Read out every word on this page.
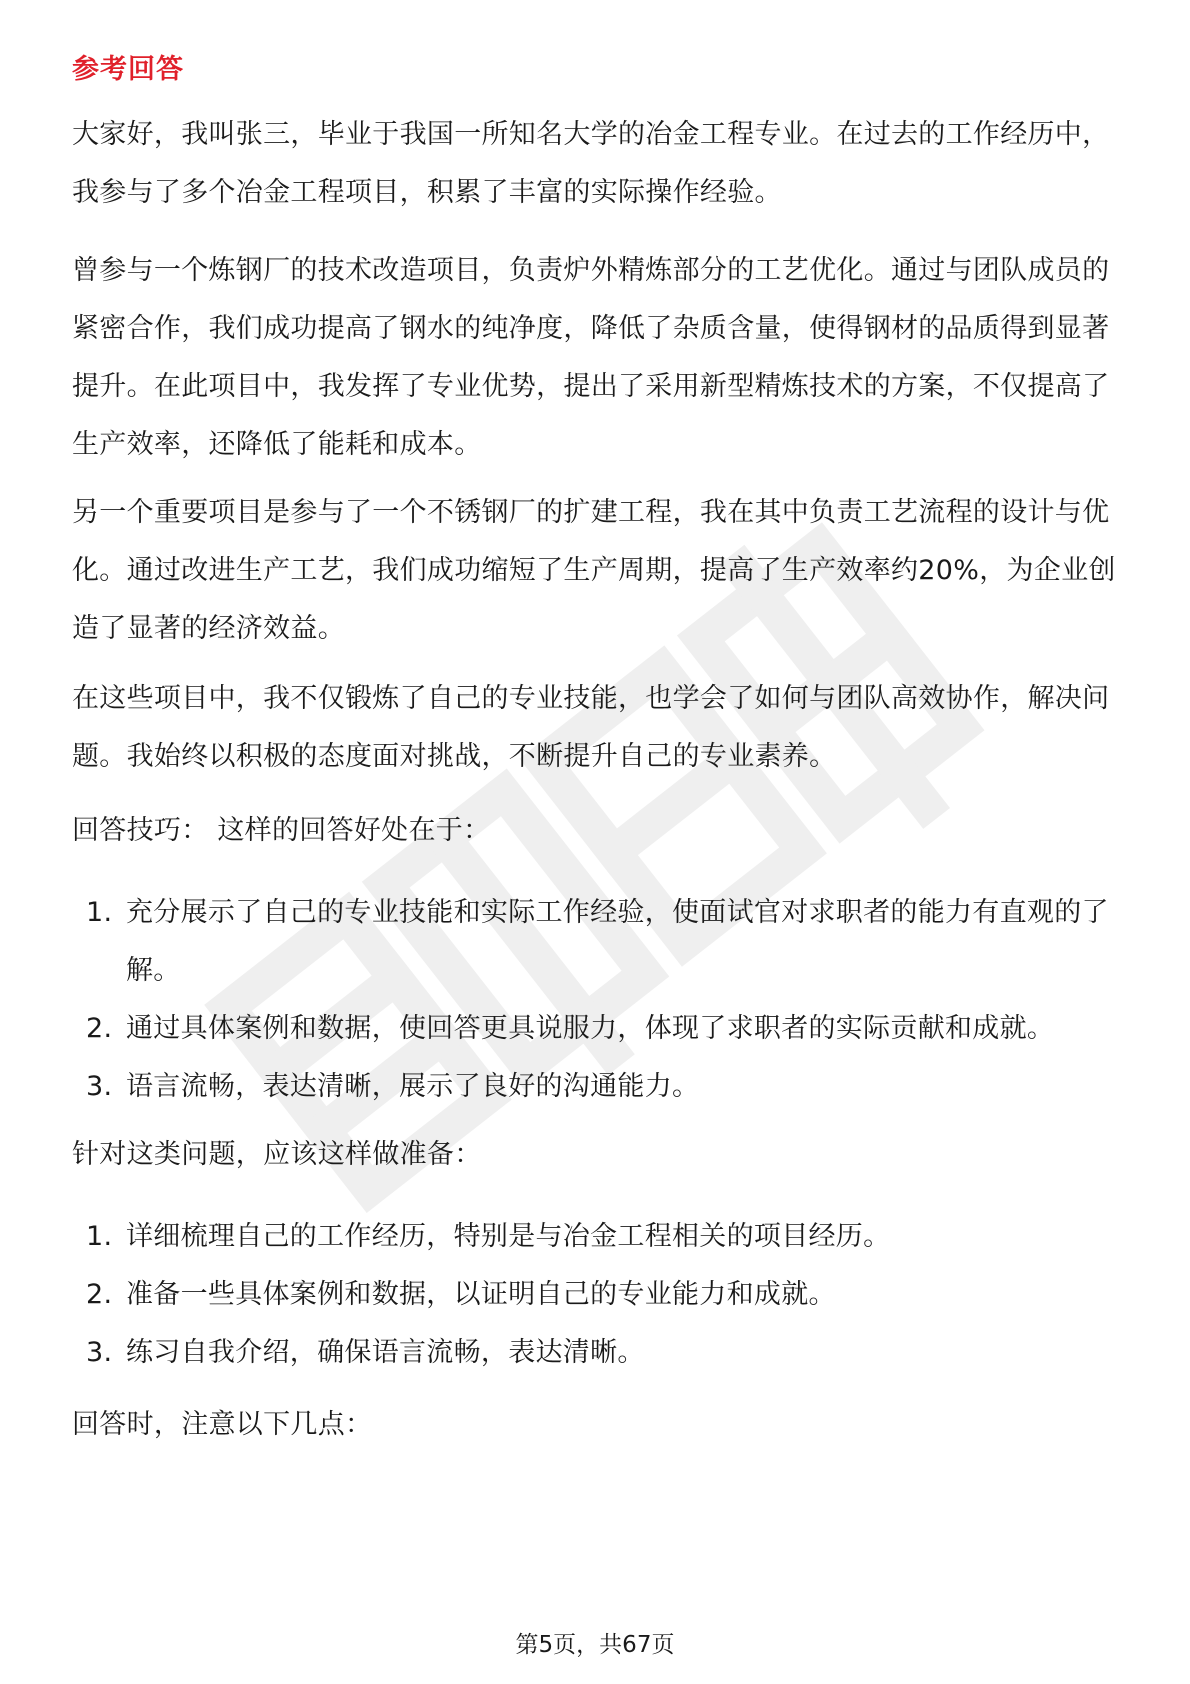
参考回答

大家好，我叫张三，毕业于我国一所知名大学的冶金工程专业。在过去的工作经历中，我参与了多个冶金工程项目，积累了丰富的实际操作经验。

曾参与一个炼钢厂的技术改造项目，负责炉外精炼部分的工艺优化。通过与团队成员的紧密合作，我们成功提高了钢水的纯净度，降低了杂质含量，使得钢材的品质得到显著提升。在此项目中，我发挥了专业优势，提出了采用新型精炼技术的方案，不仅提高了生产效率，还降低了能耗和成本。

另一个重要项目是参与了一个不锈钢厂的扩建工程，我在其中负责工艺流程的设计与优化。通过改进生产工艺，我们成功缩短了生产周期，提高了生产效率约20%，为企业创造了显著的经济效益。

在这些项目中，我不仅锻炼了自己的专业技能，也学会了如何与团队高效协作，解决问题。我始终以积极的态度面对挑战，不断提升自己的专业素养。

回答技巧： 这样的回答好处在于：

1. 充分展示了自己的专业技能和实际工作经验，使面试官对求职者的能力有直观的了解。
2. 通过具体案例和数据，使回答更具说服力，体现了求职者的实际贡献和成就。
3. 语言流畅，表达清晰，展示了良好的沟通能力。

针对这类问题，应该这样做准备：

1. 详细梳理自己的工作经历，特别是与冶金工程相关的项目经历。
2. 准备一些具体案例和数据，以证明自己的专业能力和成就。
3. 练习自我介绍，确保语言流畅，表达清晰。

回答时，注意以下几点：

第5页，共67页
